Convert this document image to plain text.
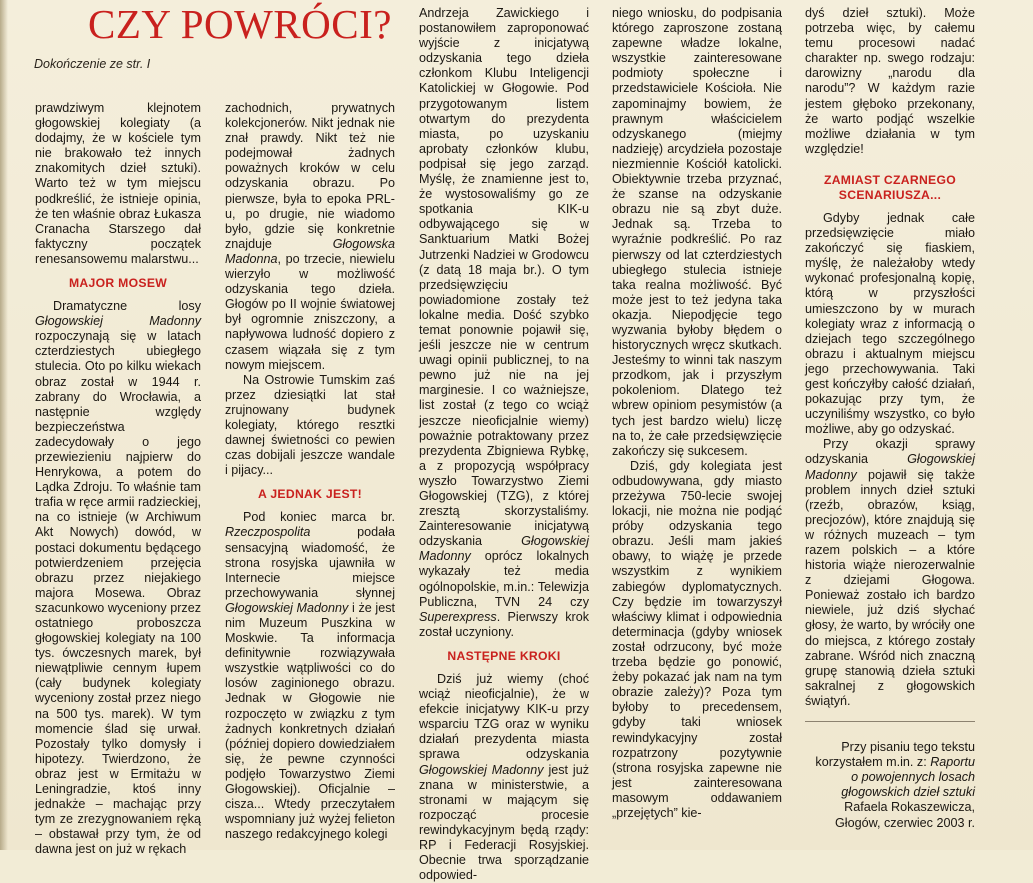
CZY POWRÓCI?
Dokończenie ze str. I

prawdziwym klejnotem głogowskiej kolegiaty (a dodajmy, że w kościele tym nie brakowało też innych znakomitych dzieł sztuki). Warto też w tym miejscu podkreślić, że istnieje opinia, że ten właśnie obraz Łukasza Cranacha Starszego dał faktyczny początek renesansowemu malarstwu...

MAJOR MOSEW

Dramatyczne losy Głogowskiej Madonny rozpoczynają się w latach czterdziestych ubiegłego stulecia. Oto po kilku wiekach obraz został w 1944 r. zabrany do Wrocławia, a następnie względy bezpieczeństwa zadecydowały o jego przewiezieniu najpierw do Henrykowa, a potem do Lądka Zdroju. To właśnie tam trafia w ręce armii radzieckiej, na co istnieje (w Archiwum Akt Nowych) dowód, w postaci dokumentu będącego potwierdzeniem przejęcia obrazu przez niejakiego majora Mosewa. Obraz szacunkowo wyceniony przez ostatniego proboszcza głogowskiej kolegiaty na 100 tys. ówczesnych marek, był niewątpliwie cennym łupem (cały budynek kolegiaty wyceniony został przez niego na 500 tys. marek). W tym momencie ślad się urwał. Pozostały tylko domysły i hipotezy. Twierdzono, że obraz jest w Ermitażu w Leningradzie, ktoś inny jednakże – machając przy tym ze zrezygnowaniem ręką – obstawał przy tym, że od dawna jest on już w rękach

zachodnich, prywatnych kolekcjonerów. Nikt jednak nie znał prawdy. Nikt też nie podejmował żadnych poważnych kroków w celu odzyskania obrazu. Po pierwsze, była to epoka PRL-u, po drugie, nie wiadomo było, gdzie się konkretnie znajduje Głogowska Madonna, po trzecie, niewielu wierzyło w możliwość odzyskania tego dzieła. Głogów po II wojnie światowej był ogromnie zniszczony, a napływowa ludność dopiero z czasem wiązała się z tym nowym miejscem.

Na Ostrowie Tumskim zaś przez dziesiątki lat stał zrujnowany budynek kolegiaty, którego resztki dawnej świetności co pewien czas dobijali jeszcze wandale i pijacy...

A JEDNAK JEST!

Pod koniec marca br. Rzeczpospolita podała sensacyjną wiadomość, że strona rosyjska ujawniła w Internecie miejsce przechowywania słynnej Głogowskiej Madonny i że jest nim Muzeum Puszkina w Moskwie. Ta informacja definitywnie rozwiązywała wszystkie wątpliwości co do losów zaginionego obrazu. Jednak w Głogowie nie rozpoczęto w związku z tym żadnych konkretnych działań (później dopiero dowiedziałem się, że pewne czynności podjęło Towarzystwo Ziemi Głogowskiej). Oficjalnie – cisza... Wtedy przeczytałem wspomniany już wyżej felieton naszego redakcyjnego kolegi

Andrzeja Zawickiego i postanowiłem zaproponować wyjście z inicjatywą odzyskania tego dzieła członkom Klubu Inteligencji Katolickiej w Głogowie. Pod przygotowanym listem otwartym do prezydenta miasta, po uzyskaniu aprobaty członków klubu, podpisał się jego zarząd. Myślę, że znamienne jest to, że wystosowaliśmy go ze spotkania KIK-u odbywającego się w Sanktuarium Matki Bożej Jutrzenki Nadziei w Grodowcu (z datą 18 maja br.). O tym przedsięwzięciu powiadomione zostały też lokalne media. Dość szybko temat ponownie pojawił się, jeśli jeszcze nie w centrum uwagi opinii publicznej, to na pewno już nie na jej marginesie. I co ważniejsze, list został (z tego co wciąż jeszcze nieoficjalnie wiemy) poważnie potraktowany przez prezydenta Zbigniewa Rybkę, a z propozycją współpracy wyszło Towarzystwo Ziemi Głogowskiej (TZG), z której zresztą skorzystaliśmy. Zainteresowanie inicjatywą odzyskania Głogowskiej Madonny oprócz lokalnych wykazały też media ogólnopolskie, m.in.: Telewizja Publiczna, TVN 24 czy Superexpress. Pierwszy krok został uczyniony.

NASTĘPNE KROKI

Dziś już wiemy (choć wciąż nieoficjalnie), że w efekcie inicjatywy KIK-u przy wsparciu TZG oraz w wyniku działań prezydenta miasta sprawa odzyskania Głogowskiej Madonny jest już znana w ministerstwie, a stronami w mającym się rozpocząć procesie rewindykacyjnym będą rządy: RP i Federacji Rosyjskiej. Obecnie trwa sporządzanie odpowied-

niego wniosku, do podpisania którego zaproszone zostaną zapewne władze lokalne, wszystkie zainteresowane podmioty społeczne i przedstawiciele Kościoła. Nie zapominajmy bowiem, że prawnym właścicielem odzyskanego (miejmy nadzieję) arcydzieła pozostaje niezmiennie Kościół katolicki. Obiektywnie trzeba przyznać, że szanse na odzyskanie obrazu nie są zbyt duże. Jednak są. Trzeba to wyraźnie podkreślić. Po raz pierwszy od lat czterdziestych ubiegłego stulecia istnieje taka realna możliwość. Być może jest to też jedyna taka okazja. Niepodjęcie tego wyzwania byłoby błędem o historycznych wręcz skutkach. Jesteśmy to winni tak naszym przodkom, jak i przyszłym pokoleniom. Dlatego też wbrew opiniom pesymistów (a tych jest bardzo wielu) liczę na to, że całe przedsięwzięcie zakończy się sukcesem.

Dziś, gdy kolegiata jest odbudowywana, gdy miasto przeżywa 750-lecie swojej lokacji, nie można nie podjąć próby odzyskania tego obrazu. Jeśli mam jakieś obawy, to wiążę je przede wszystkim z wynikiem zabiegów dyplomatycznych. Czy będzie im towarzyszył właściwy klimat i odpowiednia determinacja (gdyby wniosek został odrzucony, być może trzeba będzie go ponowić, żeby pokazać jak nam na tym obrazie zależy)? Poza tym byłoby to precedensem, gdyby taki wniosek rewindykacyjny został rozpatrzony pozytywnie (strona rosyjska zapewne nie jest zainteresowana masowym oddawaniem „przejętych” kie-

dyś dzieł sztuki). Może potrzeba więc, by całemu temu procesowi nadać charakter np. swego rodzaju: darowizny „narodu dla narodu”? W każdym razie jestem głęboko przekonany, że warto podjąć wszelkie możliwe działania w tym względzie!

ZAMIAST CZARNEGO SCENARIUSZA...

Gdyby jednak całe przedsięwzięcie miało zakończyć się fiaskiem, myślę, że należałoby wtedy wykonać profesjonalną kopię, którą w przyszłości umieszczono by w murach kolegiaty wraz z informacją o dziejach tego szczególnego obrazu i aktualnym miejscu jego przechowywania. Taki gest kończyłby całość działań, pokazując przy tym, że uczyniliśmy wszystko, co było możliwe, aby go odzyskać.

Przy okazji sprawy odzyskania Głogowskiej Madonny pojawił się także problem innych dzieł sztuki (rzeźb, obrazów, ksiąg, precjozów), które znajdują się w różnych muzeach – tym razem polskich – a które historia wiąże nierozerwalnie z dziejami Głogowa. Ponieważ zostało ich bardzo niewiele, już dziś słychać głosy, że warto, by wróciły one do miejsca, z którego zostały zabrane. Wśród nich znaczną grupę stanowią dzieła sztuki sakralnej z głogowskich świątyń.

Przy pisaniu tego tekstu korzystałem m.in. z: Raportu o powojennych losach głogowskich dzieł sztuki Rafaela Rokaszewicza, Głogów, czerwiec 2003 r.
